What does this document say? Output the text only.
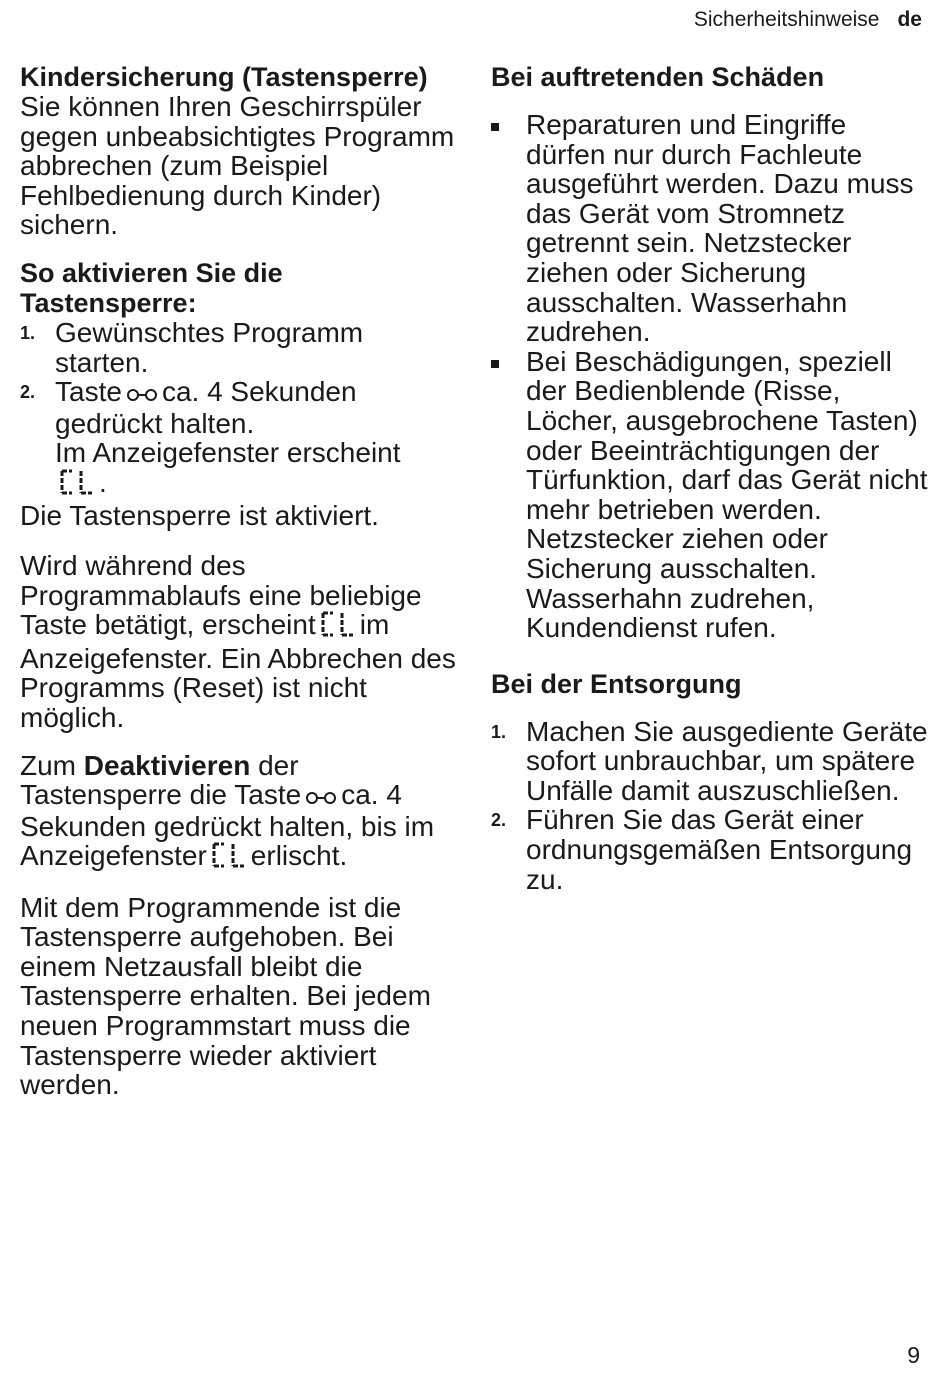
Sicherheitshinweise de
Kindersicherung (Tastensperre)

Sie können Ihren Geschirrspüler gegen unbeabsichtigtes Programm abbrechen (zum Beispiel Fehlbedienung durch Kinder) sichern.

So aktivieren Sie die Tastensperre:
1. Gewünschtes Programm starten.
2. Taste ca. 4 Sekunden gedrückt halten.
Im Anzeigefenster erscheint
.

Die Tastensperre ist aktiviert.

Wird während des Programmablaufs eine beliebige Taste betätigt, erscheint im Anzeigefenster. Ein Abbrechen des Programms (Reset) ist nicht möglich.

Zum Deaktivieren der Tastensperre die Taste ca. 4 Sekunden gedrückt halten, bis im Anzeigefenster erlischt.

Mit dem Programmende ist die Tastensperre aufgehoben. Bei einem Netzausfall bleibt die Tastensperre erhalten. Bei jedem neuen Programmstart muss die Tastensperre wieder aktiviert werden.

Bei auftretenden Schäden
Reparaturen und Eingriffe dürfen nur durch Fachleute ausgeführt werden. Dazu muss das Gerät vom Stromnetz getrennt sein. Netzstecker ziehen oder Sicherung ausschalten. Wasserhahn zudrehen.
Bei Beschädigungen, speziell der Bedienblende (Risse, Löcher, ausgebrochene Tasten) oder Beeinträchtigungen der Türfunktion, darf das Gerät nicht mehr betrieben werden. Netzstecker ziehen oder Sicherung ausschalten. Wasserhahn zudrehen, Kundendienst rufen.
Bei der Entsorgung
1. Machen Sie ausgediente Geräte sofort unbrauchbar, um spätere Unfälle damit auszuschließen.
2. Führen Sie das Gerät einer ordnungsgemäßen Entsorgung zu.
9
